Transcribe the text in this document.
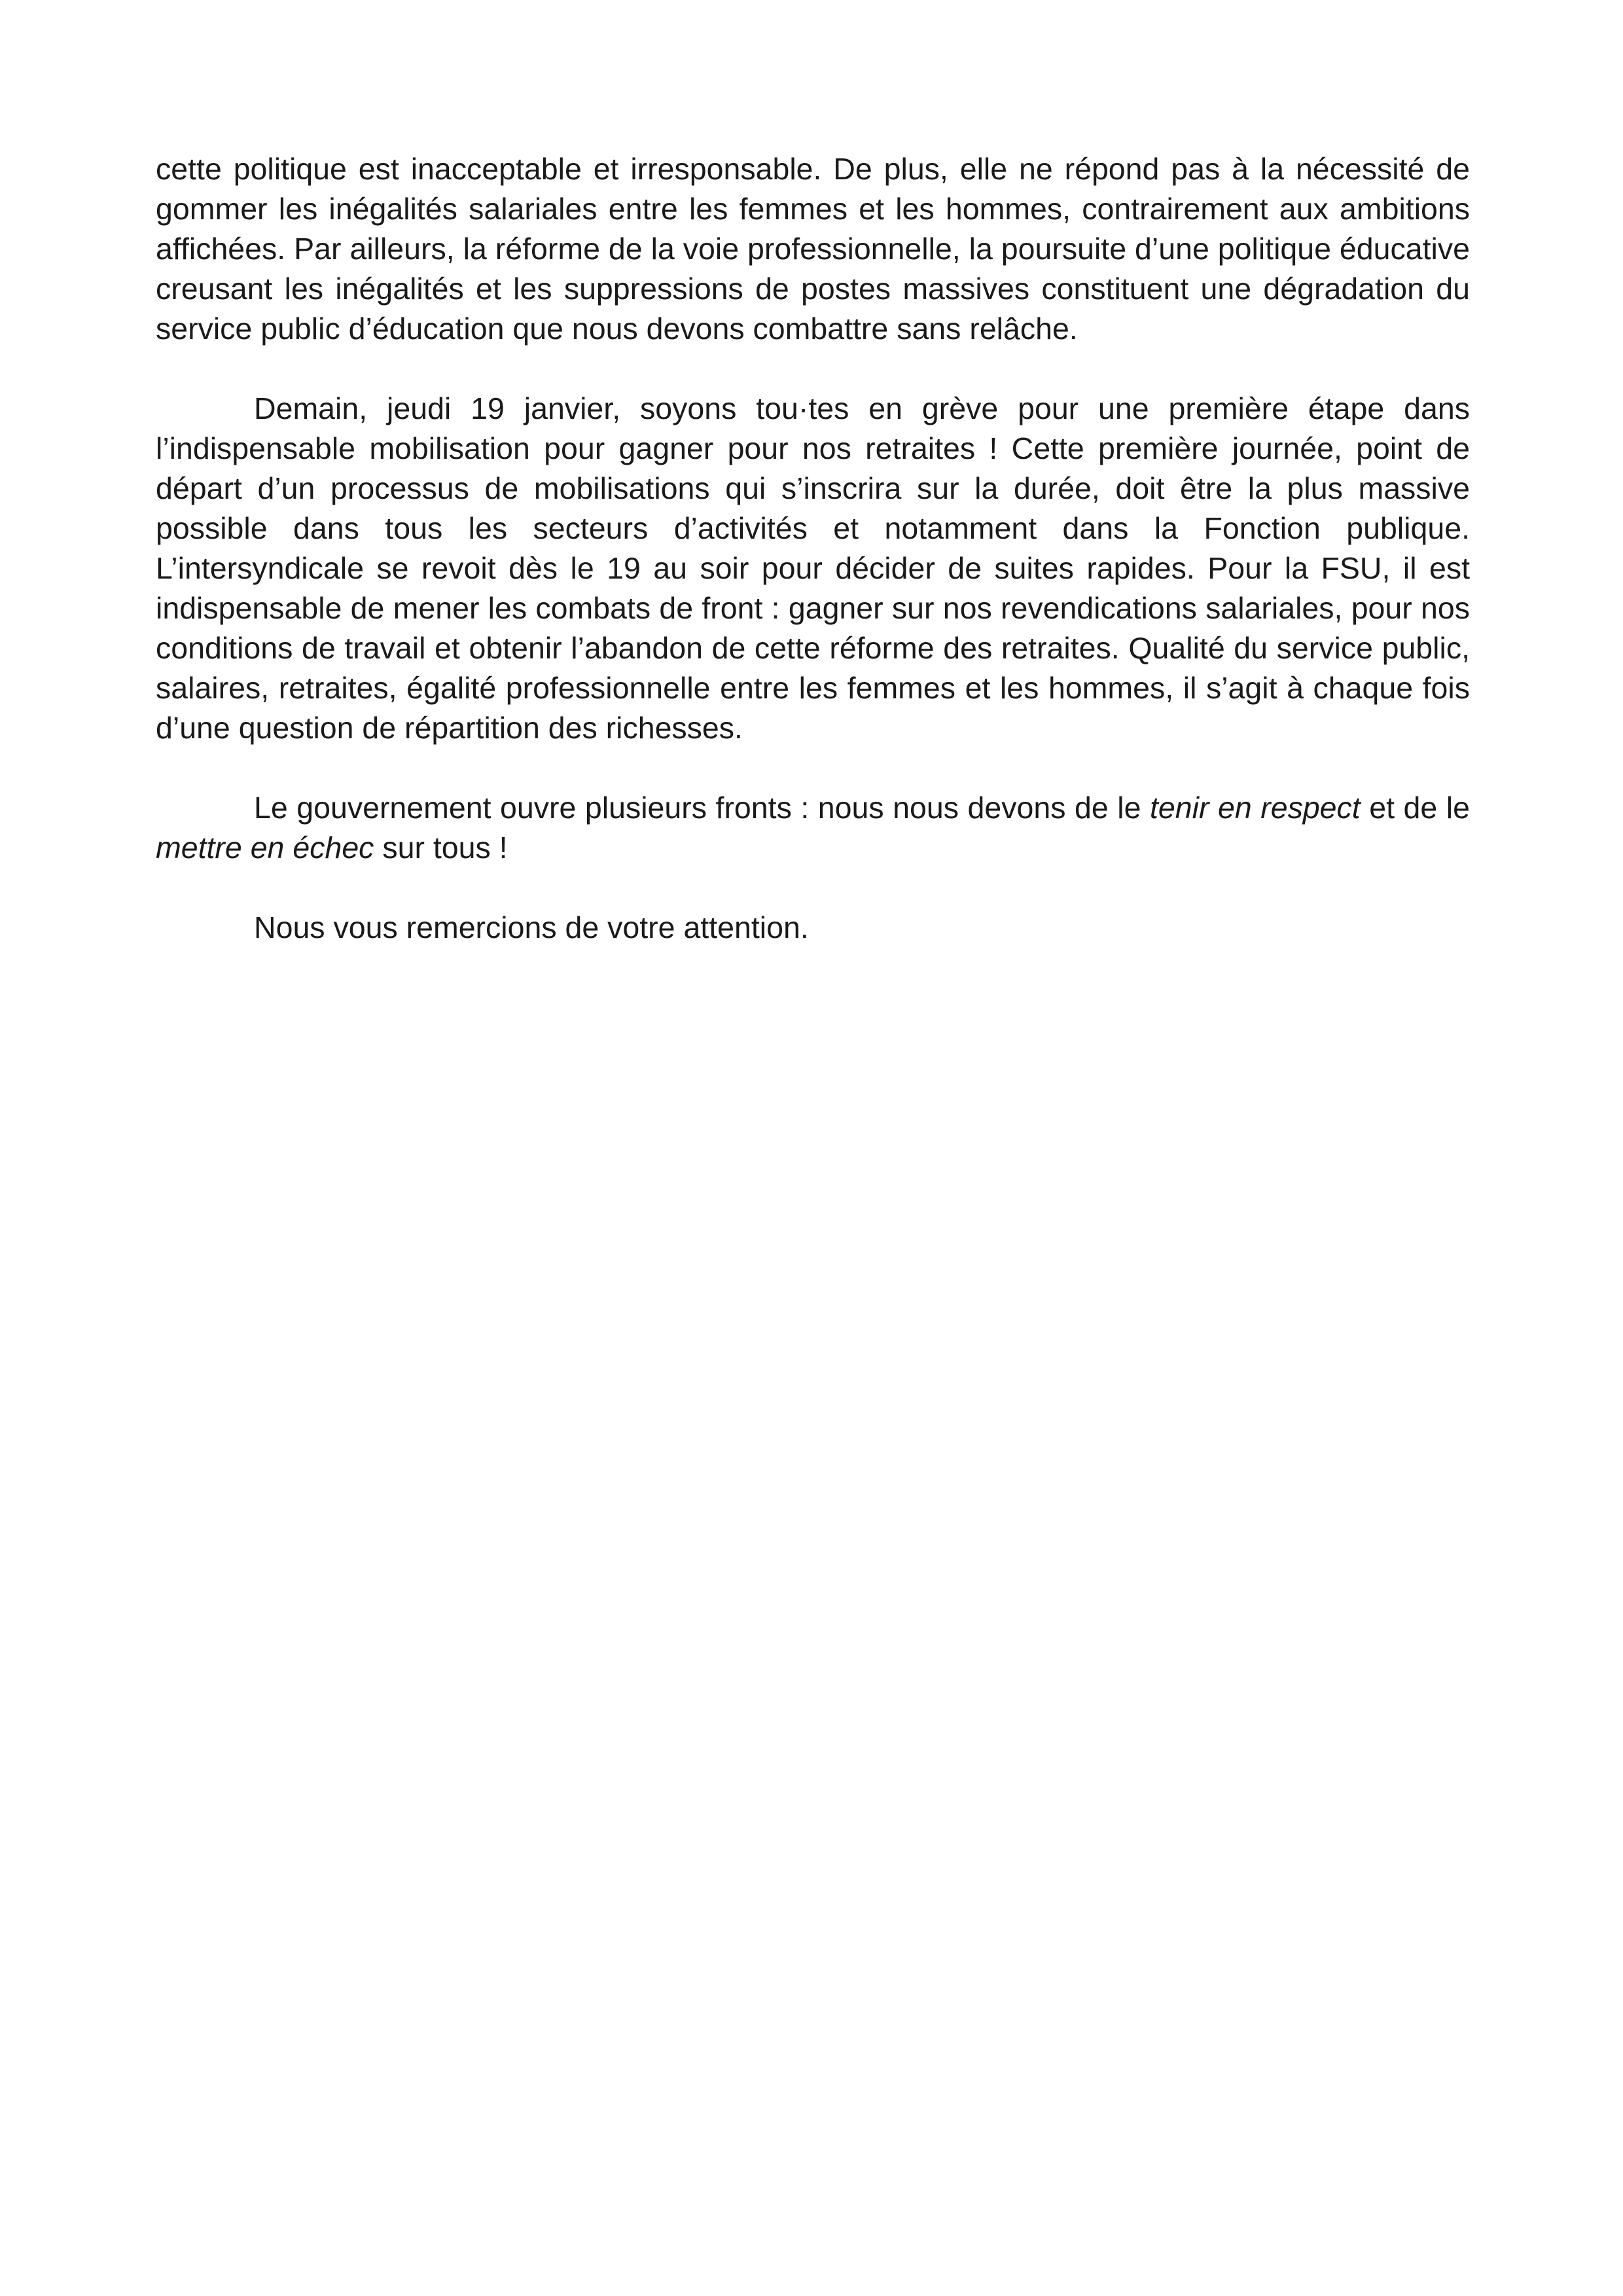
cette politique est inacceptable et irresponsable. De plus, elle ne répond pas à la nécessité de gommer les inégalités salariales entre les femmes et les hommes, contrairement aux ambitions affichées. Par ailleurs, la réforme de la voie professionnelle, la poursuite d’une politique éducative creusant les inégalités et les suppressions de postes massives constituent une dégradation du service public d’éducation que nous devons combattre sans relâche.

Demain, jeudi 19 janvier, soyons tou·tes en grève pour une première étape dans l’indispensable mobilisation pour gagner pour nos retraites ! Cette première journée, point de départ d’un processus de mobilisations qui s’inscrira sur la durée, doit être la plus massive possible dans tous les secteurs d’activités et notamment dans la Fonction publique. L’intersyndicale se revoit dès le 19 au soir pour décider de suites rapides. Pour la FSU, il est indispensable de mener les combats de front : gagner sur nos revendications salariales, pour nos conditions de travail et obtenir l’abandon de cette réforme des retraites. Qualité du service public, salaires, retraites, égalité professionnelle entre les femmes et les hommes, il s’agit à chaque fois d’une question de répartition des richesses.

Le gouvernement ouvre plusieurs fronts : nous nous devons de le tenir en respect et de le mettre en échec sur tous !

Nous vous remercions de votre attention.
